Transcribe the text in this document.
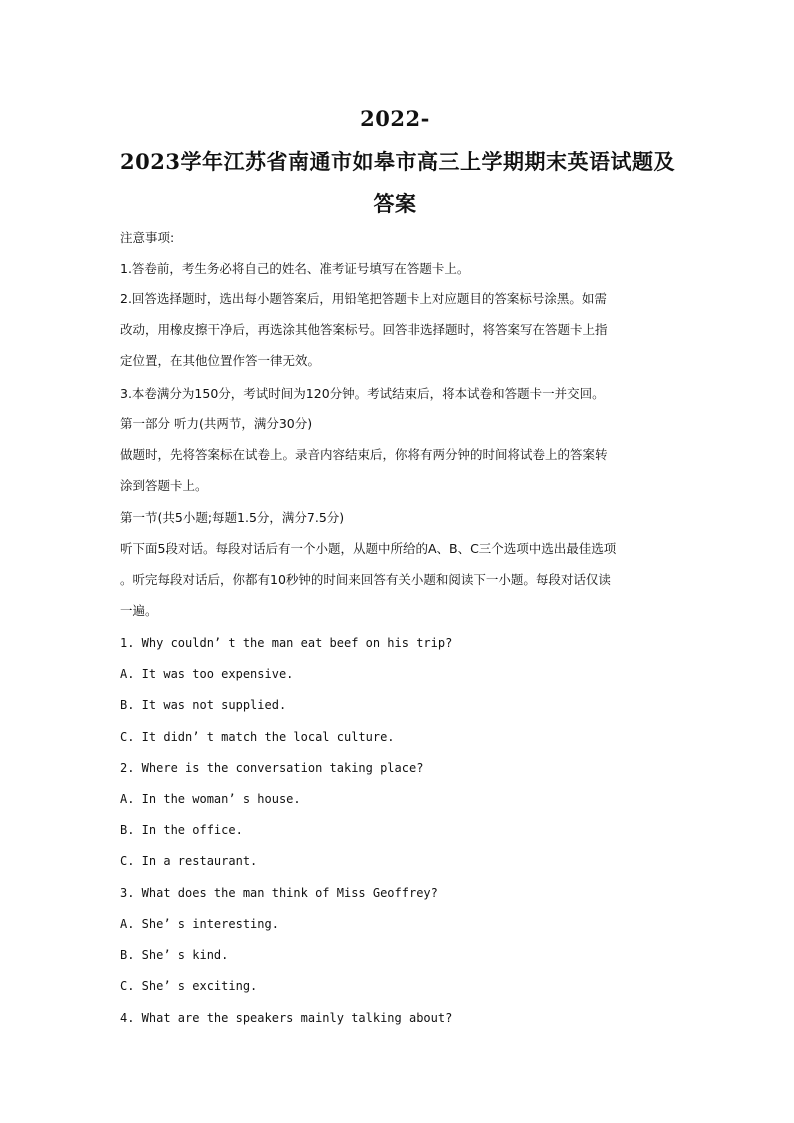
2022-
2023学年江苏省南通市如皋市高三上学期期末英语试题及
答案
注意事项:
1.答卷前，考生务必将自己的姓名、准考证号填写在答题卡上。
2.回答选择题时，选出每小题答案后，用铅笔把答题卡上对应题目的答案标号涂黑。如需
改动，用橡皮擦干净后，再选涂其他答案标号。回答非选择题时，将答案写在答题卡上指
定位置，在其他位置作答一律无效。
3.本卷满分为150分，考试时间为120分钟。考试结束后，将本试卷和答题卡一并交回。
第一部分 听力(共两节，满分30分)
做题时，先将答案标在试卷上。录音内容结束后，你将有两分钟的时间将试卷上的答案转
涂到答题卡上。
第一节(共5小题;每题1.5分，满分7.5分)
听下面5段对话。每段对话后有一个小题，从题中所给的A、B、C三个选项中选出最佳选项
。听完每段对话后，你都有10秒钟的时间来回答有关小题和阅读下一小题。每段对话仅读
一遍。
1. Why couldn’ t the man eat beef on his trip?
A. It was too expensive.
B. It was not supplied.
C. It didn’ t match the local culture.
2. Where is the conversation taking place?
A. In the woman’ s house.
B. In the office.
C. In a restaurant.
3. What does the man think of Miss Geoffrey?
A. She’ s interesting.
B. She’ s kind.
C. She’ s exciting.
4. What are the speakers mainly talking about?
